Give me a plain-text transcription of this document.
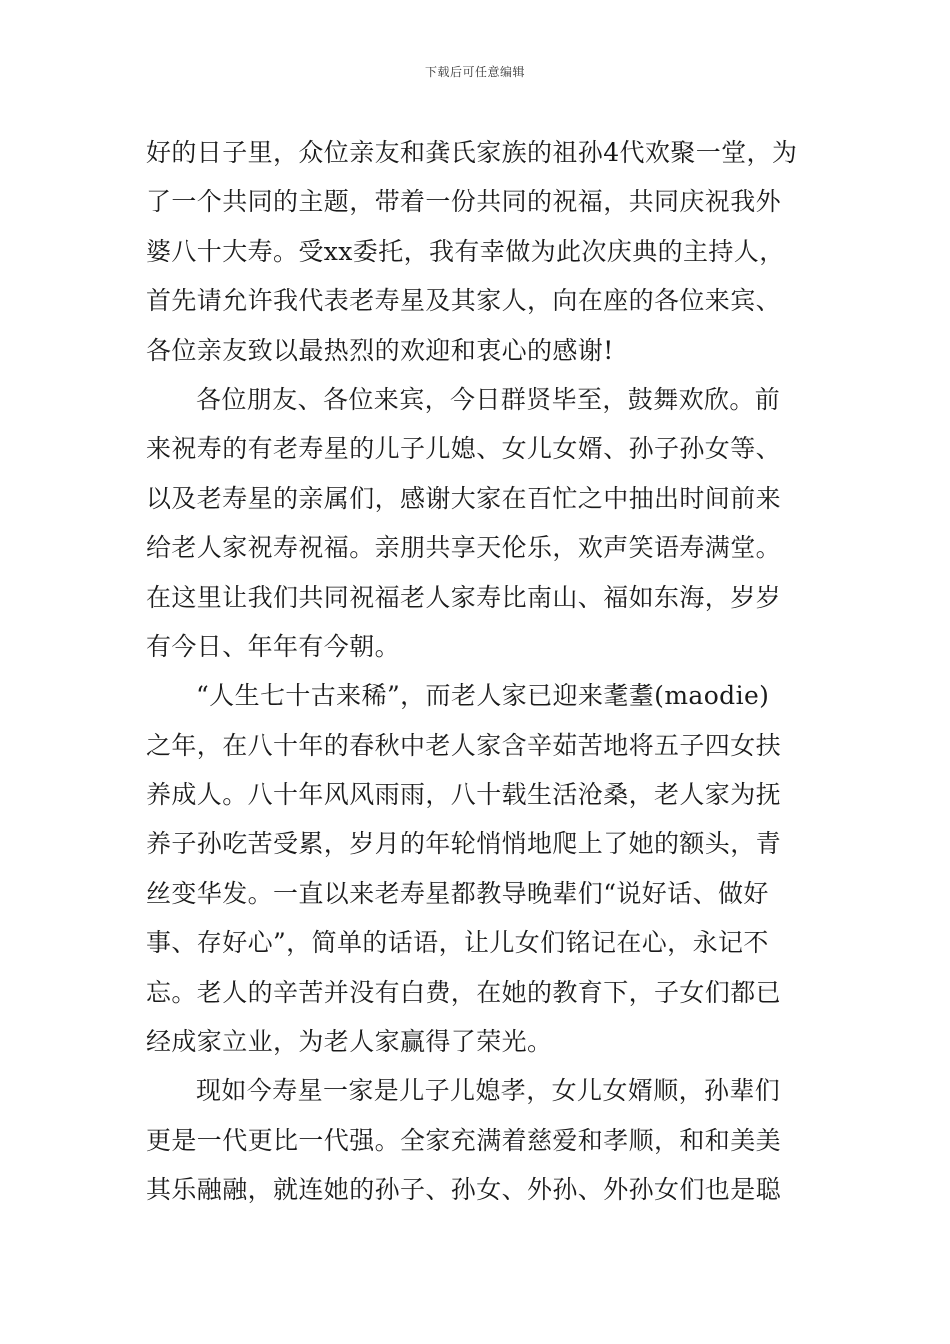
下载后可任意编辑
好的日子里，众位亲友和龚氏家族的祖孙4代欢聚一堂，为
了一个共同的主题，带着一份共同的祝福，共同庆祝我外
婆八十大寿。受xx委托，我有幸做为此次庆典的主持人，
首先请允许我代表老寿星及其家人，向在座的各位来宾、
各位亲友致以最热烈的欢迎和衷心的感谢!
各位朋友、各位来宾，今日群贤毕至，鼓舞欢欣。前
来祝寿的有老寿星的儿子儿媳、女儿女婿、孙子孙女等、
以及老寿星的亲属们，感谢大家在百忙之中抽出时间前来
给老人家祝寿祝福。亲朋共享天伦乐，欢声笑语寿满堂。
在这里让我们共同祝福老人家寿比南山、福如东海，岁岁
有今日、年年有今朝。
“人生七十古来稀”，而老人家已迎来耄耋(maodie)
之年，在八十年的春秋中老人家含辛茹苦地将五子四女扶
养成人。八十年风风雨雨，八十载生活沧桑，老人家为抚
养子孙吃苦受累，岁月的年轮悄悄地爬上了她的额头，青
丝变华发。一直以来老寿星都教导晚辈们“说好话、做好
事、存好心”，简单的话语，让儿女们铭记在心，永记不
忘。老人的辛苦并没有白费，在她的教育下，子女们都已
经成家立业，为老人家赢得了荣光。
现如今寿星一家是儿子儿媳孝，女儿女婿顺，孙辈们
更是一代更比一代强。全家充满着慈爱和孝顺，和和美美
其乐融融，就连她的孙子、孙女、外孙、外孙女们也是聪
